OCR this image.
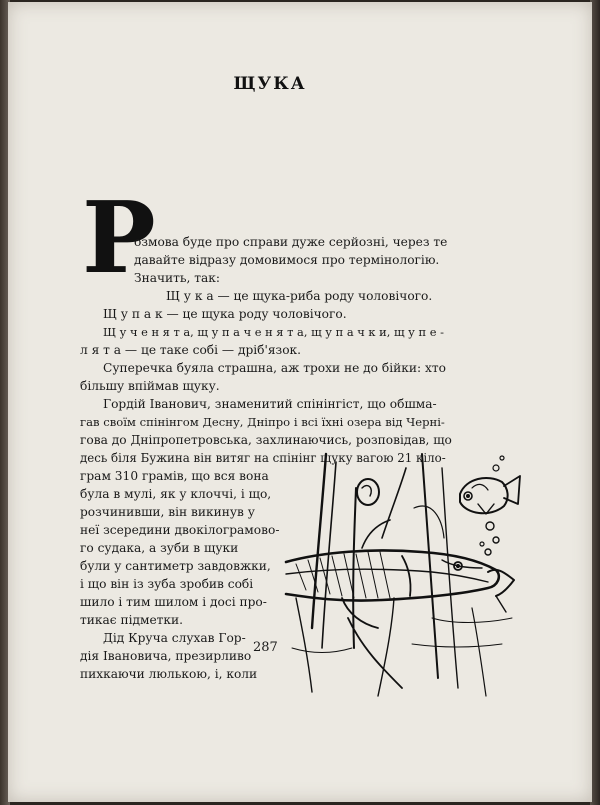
ЩУКА
Р
озмова буде про справи дуже серйозні, через те
давайте відразу домовимося про термінологію.
Значить, так:
Щ у к а — це щука-риба роду чоловічого.
Щ у п а к — це щука роду чоловічого.
Щ у ч е н я т а, щ у п а ч е н я т а, щ у п а ч к и, щ у п е -
л я т а — це таке собі — дріб'язок.
Суперечка буяла страшна, аж трохи не до бійки: хто
більшу впіймав щуку.
Гордій Іванович, знаменитий спінінгіст, що обшма-
гав своїм спінінгом Десну, Дніпро і всі їхні озера від Черні-
гова до Дніпропетровська, захлинаючись, розповідав, що
десь біля Бужина він витяг на спінінг щуку вагою 21 кіло-
грам 310 грамів, що вся вона
була в мулі, як у клоччі, і що,
розчинивши, він викинув у
неї зсередини двокілограмово-
го судака, а зуби в щуки
були у сантиметр завдовжки,
і що він із зуба зробив собі
шило і тим шилом і досі про-
тикає підметки.
Дід Круча слухав Гор-
дія Івановича, презирливо
пихкаючи люлькою, і, коли
287
